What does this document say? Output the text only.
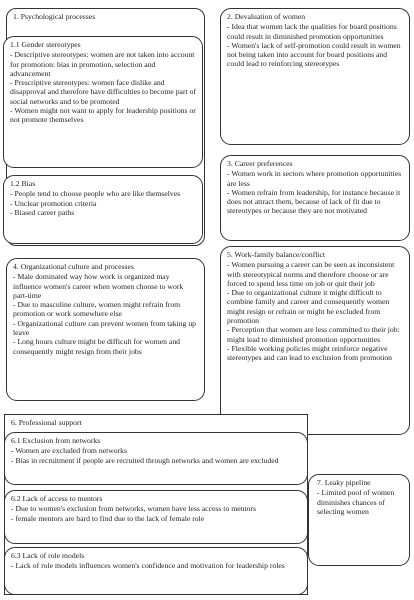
1. Psychological processes
1.1 Gender stereotypes
- Descriptive stereotypes: women are not taken into account for promotion: bias in promotion, selection and advancement
- Prescriptive stereotypes: women face dislike and disapproval and therefore have difficulties to become part of social networks and to be promoted
- Women might not want to apply for leadership positions or not promote themselves
1.2 Bias
- People tend to choose people who are like themselves
- Unclear promotion criteria
- Biased career paths
2. Devaluation of women
- Idea that women lack the qualities for board positions could result in diminished promotion opportunities
- Women's lack of self-promotion could result in women not being taken into account for board positions and could lead to reinforcing stereotypes
3. Career preferences
- Women work in sectors where promotion opportunities are less
- Women refrain from leadership, for instance because it does not attract them, because of lack of fit due to stereotypes or because they are not motivated
4. Organizational culture and processes
- Male dominated way how work is organized may influence women's career when women choose to work part-time
- Due to masculine culture, women might refrain from promotion or work somewhere else
- Organizational culture can prevent women from taking up leave
- Long hours culture might be difficult for women and consequently might resign from their jobs
5. Work-family balance/conflict
- Women pursuing a career can be seen as inconsistent with stereotypical norms and therefore choose or are forced to spend less time on job or quit their job
- Due to organizational culture it might difficult to combine family and career and consequently women might resign or refrain or might be excluded from promotion
- Perception that women are less committed to their job: might lead to diminished promotion opportunities
- Flexible working policies might reinforce negative stereotypes and can lead to exclusion from promotion
6. Professional support
6.1 Exclusion from networks
- Women are excluded from networks
- Bias in recruitment if people are recruited through networks and women are excluded
6.2 Lack of access to mentors
- Due to women's exclusion from networks, women have less access to mentors
- female mentors are hard to find due to the lack of female role
6.3 Lack of role models
- Lack of role models influences women's confidence and motivation for leadership roles
7. Leaky pipeline
- Limited pool of women diminishes chances of selecting women
